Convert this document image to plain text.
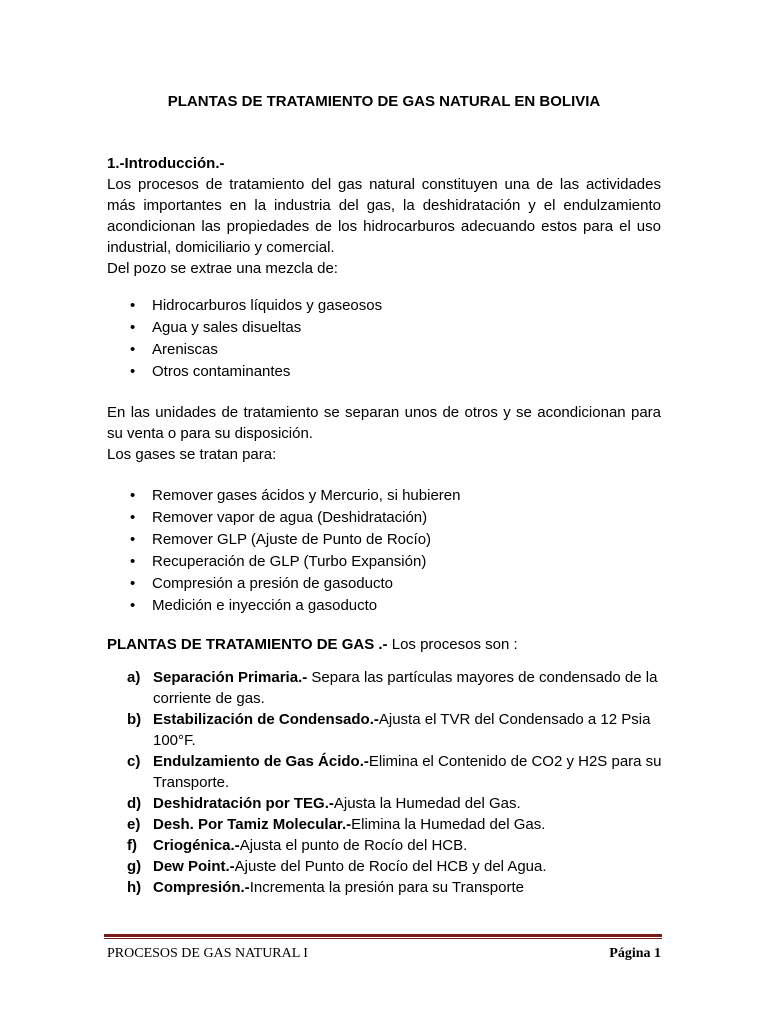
PLANTAS DE TRATAMIENTO DE GAS NATURAL EN BOLIVIA

1.-Introducción.-

Los procesos de tratamiento del gas natural constituyen una de las actividades más importantes en la industria del gas, la deshidratación y el endulzamiento acondicionan las propiedades de los hidrocarburos adecuando estos para el uso industrial, domiciliario y comercial.

Del pozo se extrae una mezcla de:

• Hidrocarburos líquidos y gaseosos
• Agua y sales disueltas
• Areniscas
• Otros contaminantes

En las unidades de tratamiento se separan unos de otros y se acondicionan para su venta o para su disposición.

Los gases se tratan para:

• Remover gases ácidos y Mercurio, si hubieren
• Remover vapor de agua (Deshidratación)
• Remover GLP (Ajuste de Punto de Rocío)
• Recuperación de GLP (Turbo Expansión)
• Compresión a presión de gasoducto
• Medición e inyección a gasoducto

PLANTAS DE TRATAMIENTO DE GAS .- Los procesos son :

a) Separación Primaria.- Separa las partículas mayores de condensado de la corriente de gas.
b) Estabilización de Condensado.-Ajusta el TVR del Condensado a 12 Psia 100°F.
c) Endulzamiento de Gas Ácido.-Elimina el Contenido de CO2 y H2S para su Transporte.
d) Deshidratación por TEG.-Ajusta la Humedad del Gas.
e) Desh. Por Tamiz Molecular.-Elimina la Humedad del Gas.
f) Criogénica.-Ajusta el punto de Rocío del HCB.
g) Dew Point.-Ajuste del Punto de Rocío del HCB y del Agua.
h) Compresión.-Incrementa la presión para su Transporte
PROCESOS DE GAS NATURAL I	Página 1
